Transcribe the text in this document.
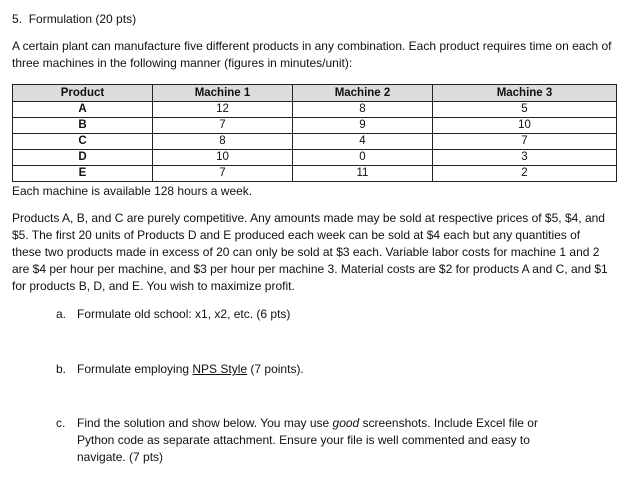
5. Formulation (20 pts)
A certain plant can manufacture five different products in any combination. Each product requires time on each of three machines in the following manner (figures in minutes/unit):
Product	Machine 1	Machine 2	Machine 3
A	12	8	5
B	7	9	10
C	8	4	7
D	10	0	3
E	7	11	2
Each machine is available 128 hours a week.
Products A, B, and C are purely competitive. Any amounts made may be sold at respective prices of $5, $4, and $5. The first 20 units of Products D and E produced each week can be sold at $4 each but any quantities of these two products made in excess of 20 can only be sold at $3 each. Variable labor costs for machine 1 and 2 are $4 per hour per machine, and $3 per hour per machine 3. Material costs are $2 for products A and C, and $1 for products B, D, and E. You wish to maximize profit.
a. Formulate old school: x1, x2, etc. (6 pts)
b. Formulate employing NPS Style (7 points).
c. Find the solution and show below. You may use good screenshots. Include Excel file or
Python code as separate attachment. Ensure your file is well commented and easy to
navigate. (7 pts)
